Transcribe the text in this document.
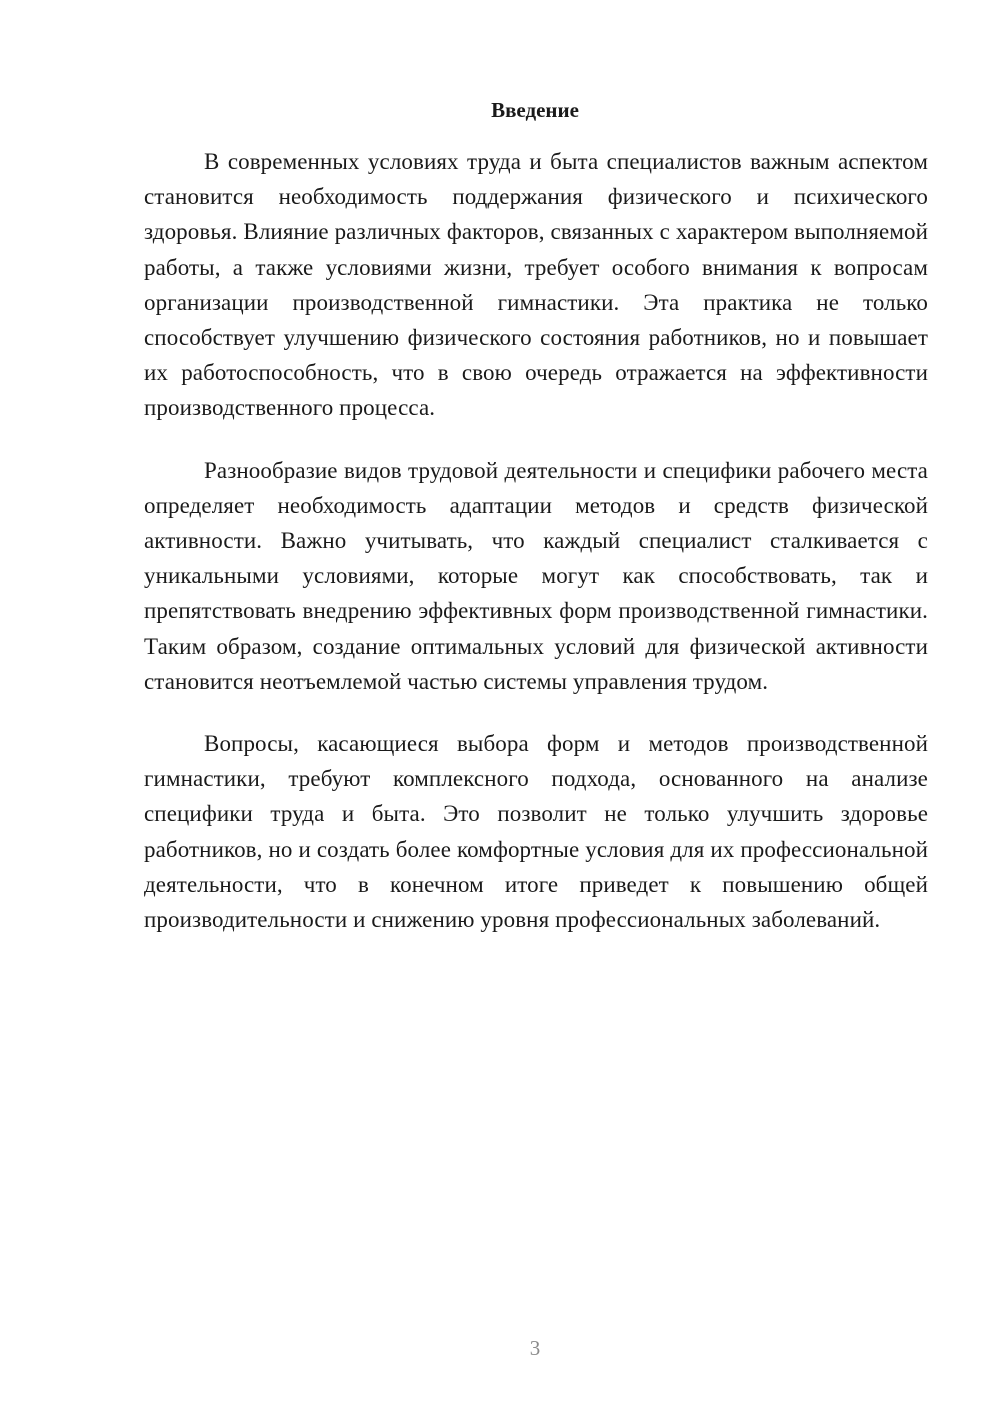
Введение

В современных условиях труда и быта специалистов важным аспектом становится необходимость поддержания физического и психического здоровья. Влияние различных факторов, связанных с характером выполняемой работы, а также условиями жизни, требует особого внимания к вопросам организации производственной гимнастики. Эта практика не только способствует улучшению физического состояния работников, но и повышает их работоспособность, что в свою очередь отражается на эффективности производственного процесса.

Разнообразие видов трудовой деятельности и специфики рабочего места определяет необходимость адаптации методов и средств физической активности. Важно учитывать, что каждый специалист сталкивается с уникальными условиями, которые могут как способствовать, так и препятствовать внедрению эффективных форм производственной гимнастики. Таким образом, создание оптимальных условий для физической активности становится неотъемлемой частью системы управления трудом.

Вопросы, касающиеся выбора форм и методов производственной гимнастики, требуют комплексного подхода, основанного на анализе специфики труда и быта. Это позволит не только улучшить здоровье работников, но и создать более комфортные условия для их профессиональной деятельности, что в конечном итоге приведет к повышению общей производительности и снижению уровня профессиональных заболеваний.

3
